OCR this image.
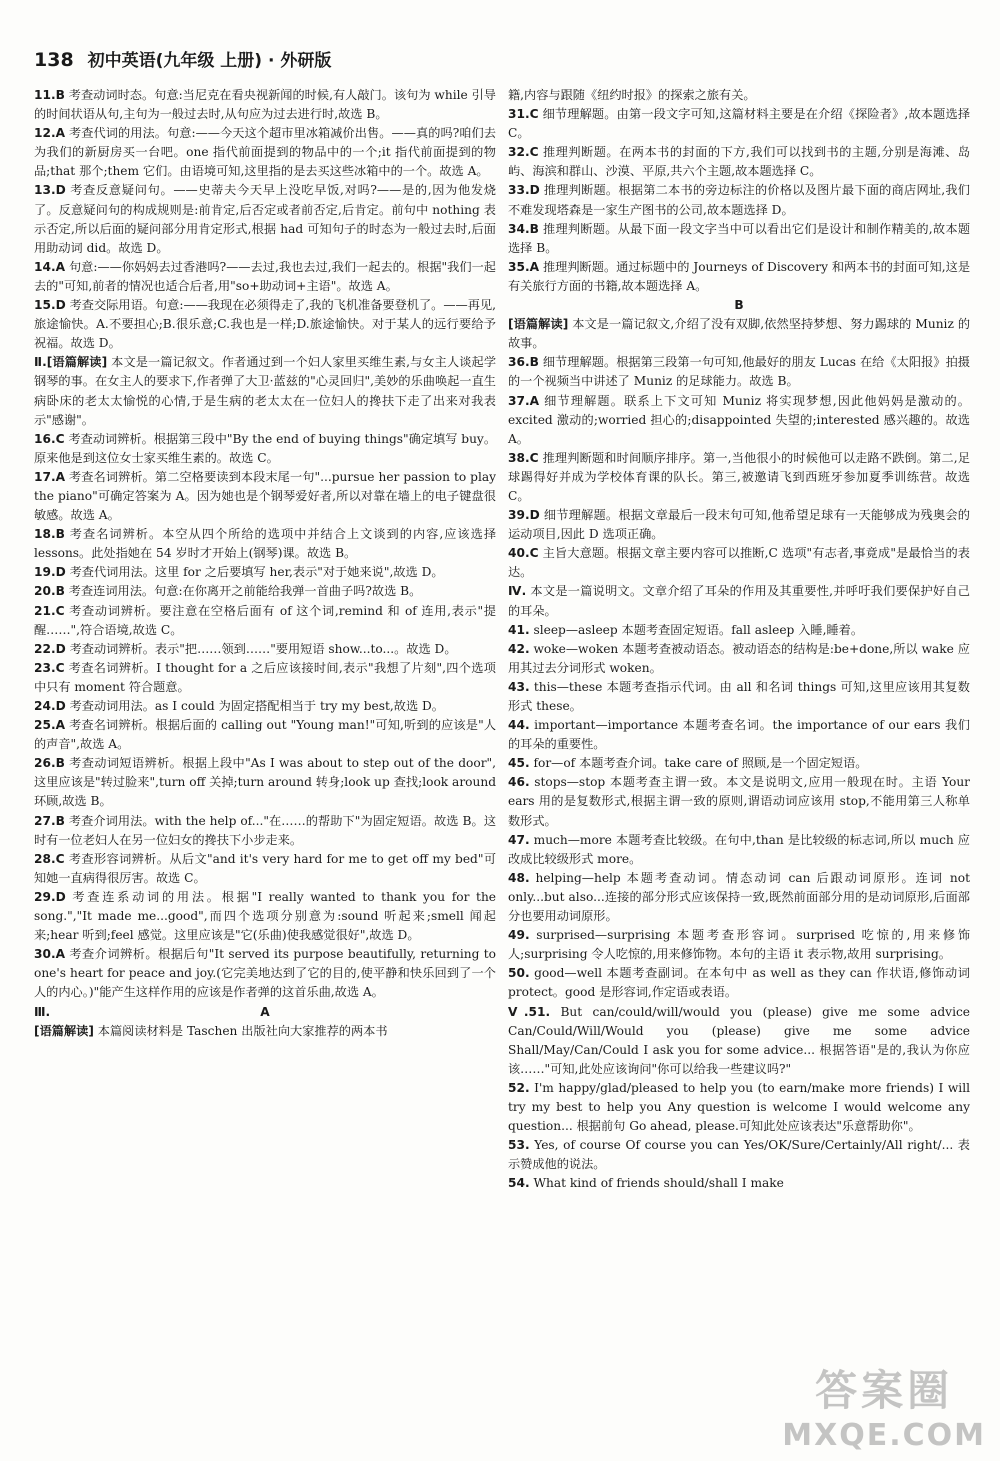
138 初中英语(九年级 上册) · 外研版

11.B 考查动词时态。句意:当尼克在看央视新闻的时候,有人敲门。该句为 while 引导的时间状语从句,主句为一般过去时,从句应为过去进行时,故选 B。

12.A 考查代词的用法。句意:——今天这个超市里冰箱减价出售。——真的吗?咱们去为我们的新厨房买一台吧。one 指代前面提到的物品中的一个;it 指代前面提到的物品;that 那个;them 它们。由语境可知,这里指的是去买这些冰箱中的一个。故选 A。

13.D 考查反意疑问句。——史蒂夫今天早上没吃早饭,对吗?——是的,因为他发烧了。反意疑问句的构成规则是:前肯定,后否定或者前否定,后肯定。前句中 nothing 表示否定,所以后面的疑问部分用肯定形式,根据 had 可知句子的时态为一般过去时,后面用助动词 did。故选 D。

14.A 句意:——你妈妈去过香港吗?——去过,我也去过,我们一起去的。根据"我们一起去的"可知,前者的情况也适合后者,用"so+助动词+主语"。故选 A。

15.D 考查交际用语。句意:——我现在必须得走了,我的飞机准备要登机了。——再见,旅途愉快。A.不要担心;B.很乐意;C.我也是一样;D.旅途愉快。对于某人的远行要给予祝福。故选 D。

Ⅱ.[语篇解读] 本文是一篇记叙文。作者通过到一个妇人家里买维生素,与女主人谈起学钢琴的事。在女主人的要求下,作者弹了大卫·蓝兹的"心灵回归",美妙的乐曲唤起一直生病卧床的老太太愉悦的心情,于是生病的老太太在一位妇人的搀扶下走了出来对我表示"感谢"。

16.C 考查动词辨析。根据第三段中"By the end of buying things"确定填写 buy。原来他是到这位女士家买维生素的。故选 C。

17.A 考查名词辨析。第二空格要读到本段末尾一句"...pursue her passion to play the piano"可确定答案为 A。因为她也是个钢琴爱好者,所以对靠在墙上的电子键盘很敏感。故选 A。

18.B 考查名词辨析。本空从四个所给的选项中并结合上文谈到的内容,应该选择 lessons。此处指她在 54 岁时才开始上(钢琴)课。故选 B。

19.D 考查代词用法。这里 for 之后要填写 her,表示"对于她来说",故选 D。

20.B 考查连词用法。句意:在你离开之前能给我弹一首曲子吗?故选 B。

21.C 考查动词辨析。要注意在空格后面有 of 这个词,remind 和 of 连用,表示"提醒……",符合语境,故选 C。

22.D 考查动词辨析。表示"把……领到……"要用短语 show...to...。故选 D。

23.C 考查名词辨析。I thought for a 之后应该接时间,表示"我想了片刻",四个选项中只有 moment 符合题意。

24.D 考查动词用法。as I could 为固定搭配相当于 try my best,故选 D。

25.A 考查名词辨析。根据后面的 calling out "Young man!"可知,听到的应该是"人的声音",故选 A。

26.B 考查动词短语辨析。根据上段中"As I was about to step out of the door",这里应该是"转过脸来",turn off 关掉;turn around 转身;look up 查找;look around 环顾,故选 B。

27.B 考查介词用法。with the help of..."在……的帮助下"为固定短语。故选 B。这时有一位老妇人在另一位妇女的搀扶下小步走来。

28.C 考查形容词辨析。从后文"and it's very hard for me to get off my bed"可知她一直病得很厉害。故选 C。

29.D 考查连系动词的用法。根据"I really wanted to thank you for the song.","It made me...good",而四个选项分别意为:sound 听起来;smell 闻起来;hear 听到;feel 感觉。这里应该是"它(乐曲)使我感觉很好",故选 D。

30.A 考查介词辨析。根据后句"It served its purpose beautifully, returning to one's heart for peace and joy.(它完美地达到了它的目的,使平静和快乐回到了一个人的内心。)"能产生这样作用的应该是作者弹的这首乐曲,故选 A。

Ⅲ.	A

[语篇解读] 本篇阅读材料是 Taschen 出版社向大家推荐的两本书

籍,内容与跟随《纽约时报》的探索之旅有关。

31.C 细节理解题。由第一段文字可知,这篇材料主要是在介绍《探险者》,故本题选择 C。

32.C 推理判断题。在两本书的封面的下方,我们可以找到书的主题,分别是海滩、岛屿、海滨和群山、沙漠、平原,共六个主题,故本题选择 C。

33.D 推理判断题。根据第二本书的旁边标注的价格以及图片最下面的商店网址,我们不难发现塔森是一家生产图书的公司,故本题选择 D。

34.B 推理判断题。从最下面一段文字当中可以看出它们是设计和制作精美的,故本题选择 B。

35.A 推理判断题。通过标题中的 Journeys of Discovery 和两本书的封面可知,这是有关旅行方面的书籍,故本题选择 A。

B

[语篇解读] 本文是一篇记叙文,介绍了没有双脚,依然坚持梦想、努力踢球的 Muniz 的故事。

36.B 细节理解题。根据第三段第一句可知,他最好的朋友 Lucas 在给《太阳报》拍摄的一个视频当中讲述了 Muniz 的足球能力。故选 B。

37.A 细节理解题。联系上下文可知 Muniz 将实现梦想,因此他妈妈是激动的。excited 激动的;worried 担心的;disappointed 失望的;interested 感兴趣的。故选 A。

38.C 推理判断题和时间顺序排序。第一,当他很小的时候他可以走路不跌倒。第二,足球踢得好并成为学校体育课的队长。第三,被邀请飞到西班牙参加夏季训练营。故选 C。

39.D 细节理解题。根据文章最后一段末句可知,他希望足球有一天能够成为残奥会的运动项目,因此 D 选项正确。

40.C 主旨大意题。根据文章主要内容可以推断,C 选项"有志者,事竟成"是最恰当的表达。

Ⅳ. 本文是一篇说明文。文章介绍了耳朵的作用及其重要性,并呼吁我们要保护好自己的耳朵。

41. sleep—asleep 本题考查固定短语。fall asleep 入睡,睡着。

42. woke—woken 本题考查被动语态。被动语态的结构是:be+done,所以 wake 应用其过去分词形式 woken。

43. this—these 本题考查指示代词。由 all 和名词 things 可知,这里应该用其复数形式 these。

44. important—importance 本题考查名词。the importance of our ears 我们的耳朵的重要性。

45. for—of 本题考查介词。take care of 照顾,是一个固定短语。

46. stops—stop 本题考查主谓一致。本文是说明文,应用一般现在时。主语 Your ears 用的是复数形式,根据主谓一致的原则,谓语动词应该用 stop,不能用第三人称单数形式。

47. much—more 本题考查比较级。在句中,than 是比较级的标志词,所以 much 应改成比较级形式 more。

48. helping—help 本题考查动词。情态动词 can 后跟动词原形。连词 not only...but also...连接的部分形式应该保持一致,既然前面部分用的是动词原形,后面部分也要用动词原形。

49. surprised—surprising 本题考查形容词。surprised 吃惊的,用来修饰人;surprising 令人吃惊的,用来修饰物。本句的主语 it 表示物,故用 surprising。

50. good—well 本题考查副词。在本句中 as well as they can 作状语,修饰动词 protect。good 是形容词,作定语或表语。

Ⅴ.51. But can/could/will/would you (please) give me some advice Can/Could/Will/Would you (please) give me some advice Shall/May/Can/Could I ask you for some advice... 根据答语"是的,我认为你应该……"可知,此处应该询问"你可以给我一些建议吗?"

52. I'm happy/glad/pleased to help you (to earn/make more friends) I will try my best to help you Any question is welcome I would welcome any question... 根据前句 Go ahead, please.可知此处应该表达"乐意帮助你"。

53. Yes, of course Of course you can Yes/OK/Sure/Certainly/All right/... 表示赞成他的说法。

54. What kind of friends should/shall I make

答案圈
MXQE.COM
